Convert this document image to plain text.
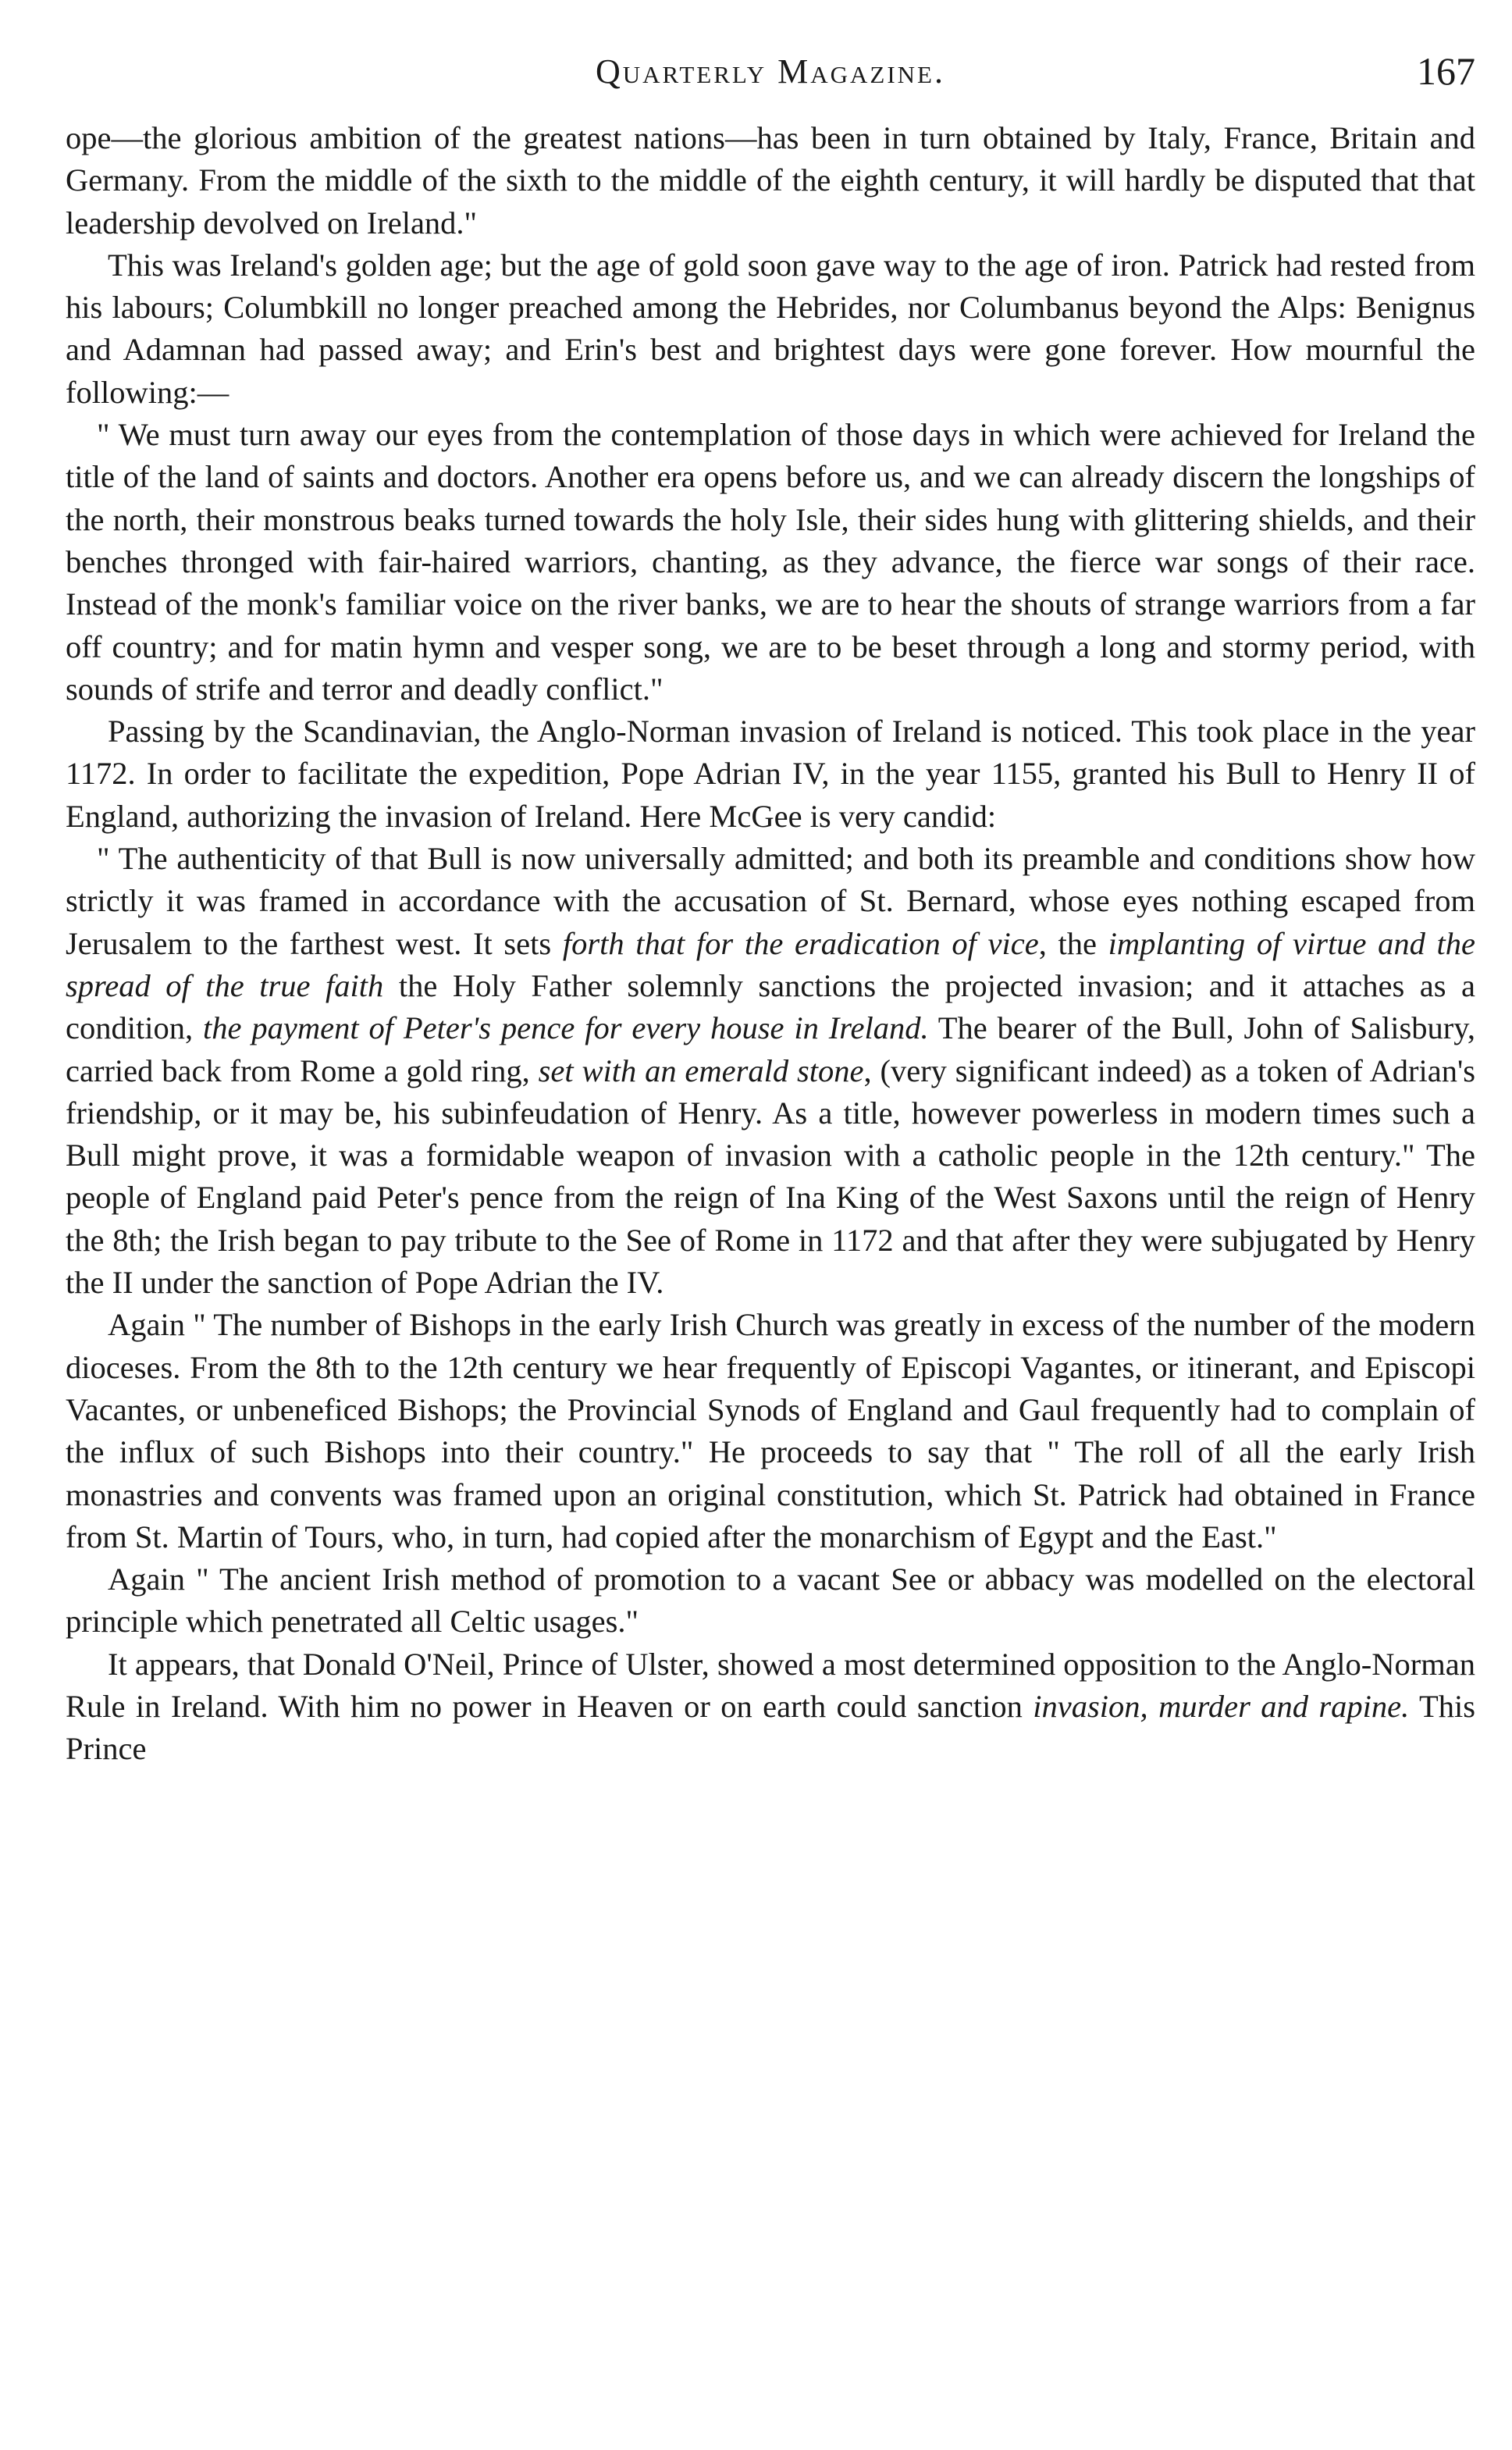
Quarterly Magazine.	167

ope—the glorious ambition of the greatest nations—has been in turn obtained by Italy, France, Britain and Germany. From the middle of the sixth to the middle of the eighth century, it will hardly be disputed that that leadership devolved on Ireland."

This was Ireland's golden age; but the age of gold soon gave way to the age of iron. Patrick had rested from his labours; Columbkill no longer preached among the Hebrides, nor Columbanus beyond the Alps: Benignus and Adamnan had passed away; and Erin's best and brightest days were gone forever. How mournful the following:—

" We must turn away our eyes from the contemplation of those days in which were achieved for Ireland the title of the land of saints and doctors. Another era opens before us, and we can already discern the longships of the north, their monstrous beaks turned towards the holy Isle, their sides hung with glittering shields, and their benches thronged with fair-haired warriors, chanting, as they advance, the fierce war songs of their race. Instead of the monk's familiar voice on the river banks, we are to hear the shouts of strange warriors from a far off country; and for matin hymn and vesper song, we are to be beset through a long and stormy period, with sounds of strife and terror and deadly conflict."

Passing by the Scandinavian, the Anglo-Norman invasion of Ireland is noticed. This took place in the year 1172. In order to facilitate the expedition, Pope Adrian IV, in the year 1155, granted his Bull to Henry II of England, authorizing the invasion of Ireland. Here McGee is very candid:

" The authenticity of that Bull is now universally admitted; and both its preamble and conditions show how strictly it was framed in accordance with the accusation of St. Bernard, whose eyes nothing escaped from Jerusalem to the farthest west. It sets forth that for the eradication of vice, the implanting of virtue and the spread of the true faith the Holy Father solemnly sanctions the projected invasion; and it attaches as a condition, the payment of Peter's pence for every house in Ireland. The bearer of the Bull, John of Salisbury, carried back from Rome a gold ring, set with an emerald stone, (very significant indeed) as a token of Adrian's friendship, or it may be, his subinfeudation of Henry. As a title, however powerless in modern times such a Bull might prove, it was a formidable weapon of invasion with a catholic people in the 12th century." The people of England paid Peter's pence from the reign of Ina King of the West Saxons until the reign of Henry the 8th; the Irish began to pay tribute to the See of Rome in 1172 and that after they were subjugated by Henry the II under the sanction of Pope Adrian the IV.

Again " The number of Bishops in the early Irish Church was greatly in excess of the number of the modern dioceses. From the 8th to the 12th century we hear frequently of Episcopi Vagantes, or itinerant, and Episcopi Vacantes, or unbeneficed Bishops; the Provincial Synods of England and Gaul frequently had to complain of the influx of such Bishops into their country." He proceeds to say that " The roll of all the early Irish monastries and convents was framed upon an original constitution, which St. Patrick had obtained in France from St. Martin of Tours, who, in turn, had copied after the monarchism of Egypt and the East."

Again " The ancient Irish method of promotion to a vacant See or abbacy was modelled on the electoral principle which penetrated all Celtic usages."

It appears, that Donald O'Neil, Prince of Ulster, showed a most determined opposition to the Anglo-Norman Rule in Ireland. With him no power in Heaven or on earth could sanction invasion, murder and rapine. This Prince
